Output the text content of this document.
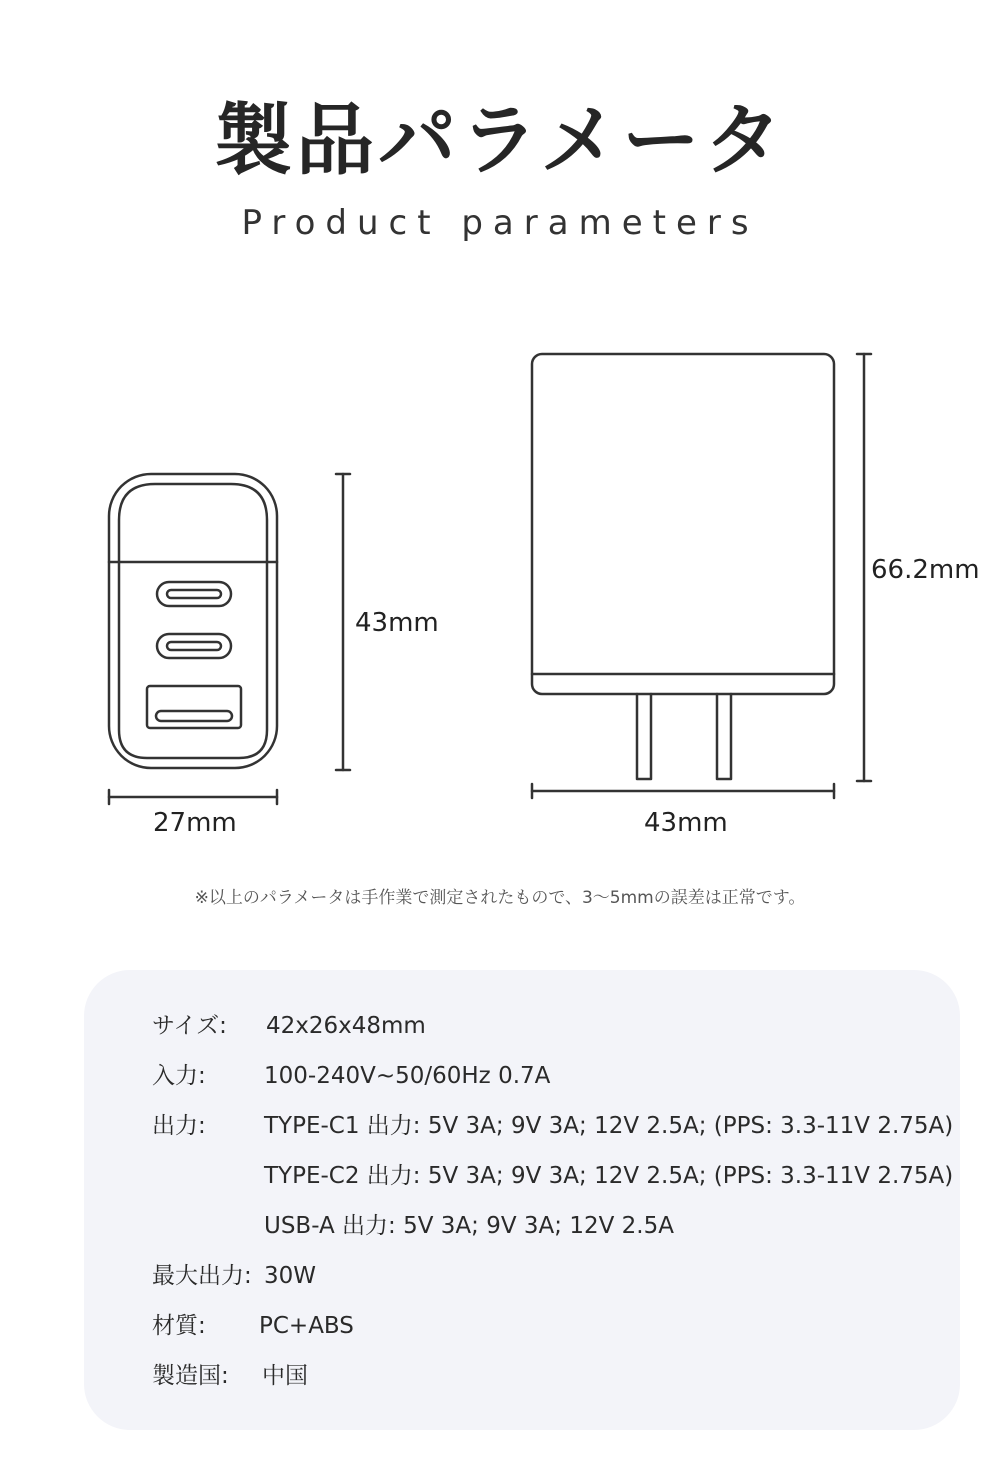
製品パラメータ
Product parameters
43mm
27mm
66.2mm
43mm
※以上のパラメータは手作業で測定されたもので、3〜5mmの誤差は正常です。
サイズ: 42x26x48mm
入力:	100-240V~50/60Hz 0.7A
出力:	TYPE-C1 出力: 5V 3A; 9V 3A; 12V 2.5A; (PPS: 3.3-11V 2.75A)
TYPE-C2 出力: 5V 3A; 9V 3A; 12V 2.5A; (PPS: 3.3-11V 2.75A)
USB-A 出力: 5V 3A; 9V 3A; 12V 2.5A
最大出力: 30W
材質: PC+ABS
製造国: 中国
